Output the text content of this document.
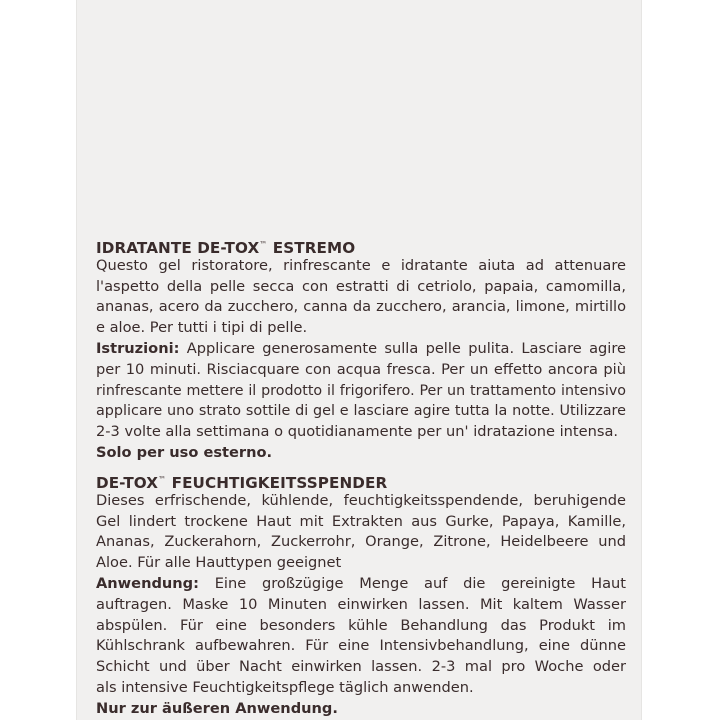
IDRATANTE DE-TOX™ ESTREMO
Questo gel ristoratore, rinfrescante e idratante aiuta ad attenuare
l'aspetto della pelle secca con estratti di cetriolo, papaia, camomilla,
ananas, acero da zucchero, canna da zucchero, arancia, limone, mirtillo
e aloe. Per tutti i tipi di pelle.
Istruzioni: Applicare generosamente sulla pelle pulita. Lasciare agire
per 10 minuti. Risciacquare con acqua fresca. Per un effetto ancora più
rinfrescante mettere il prodotto il frigorifero. Per un trattamento intensivo
applicare uno strato sottile di gel e lasciare agire tutta la notte. Utilizzare
2-3 volte alla settimana o quotidianamente per un' idratazione intensa.
Solo per uso esterno.
DE-TOX™ FEUCHTIGKEITSSPENDER
Dieses erfrischende, kühlende, feuchtigkeitsspendende, beruhigende
Gel lindert trockene Haut mit Extrakten aus Gurke, Papaya, Kamille,
Ananas, Zuckerahorn, Zuckerrohr, Orange, Zitrone, Heidelbeere und
Aloe. Für alle Hauttypen geeignet
Anwendung: Eine großzügige Menge auf die gereinigte Haut
auftragen. Maske 10 Minuten einwirken lassen. Mit kaltem Wasser
abspülen. Für eine besonders kühle Behandlung das Produkt im
Kühlschrank aufbewahren. Für eine Intensivbehandlung, eine dünne
Schicht und über Nacht einwirken lassen. 2-3 mal pro Woche oder
als intensive Feuchtigkeitspflege täglich anwenden.
Nur zur äußeren Anwendung.
